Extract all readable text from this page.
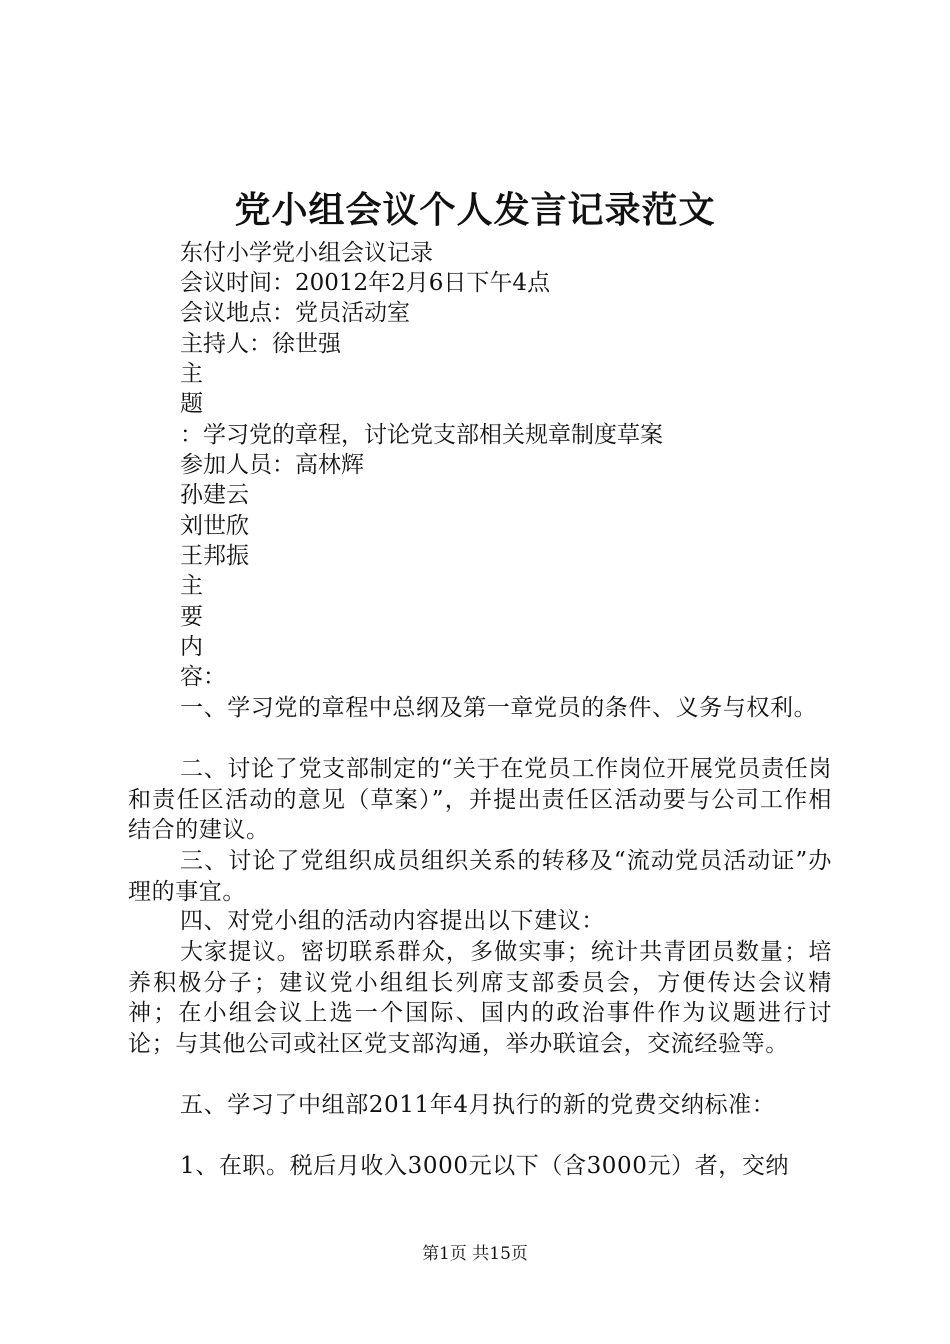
党小组会议个人发言记录范文
东付小学党小组会议记录
会议时间：20012年2月6日下午4点
会议地点：党员活动室
主持人：徐世强
主
题
：学习党的章程，讨论党支部相关规章制度草案
参加人员：高林辉
孙建云
刘世欣
王邦振
主
要
内
容：
一、学习党的章程中总纲及第一章党员的条件、义务与权利。
二、讨论了党支部制定的“关于在党员工作岗位开展党员责任岗和责任区活动的意见（草案）”，并提出责任区活动要与公司工作相结合的建议。
三、讨论了党组织成员组织关系的转移及“流动党员活动证”办理的事宜。
四、对党小组的活动内容提出以下建议：
大家提议。密切联系群众，多做实事；统计共青团员数量；培养积极分子；建议党小组组长列席支部委员会，方便传达会议精神；在小组会议上选一个国际、国内的政治事件作为议题进行讨论；与其他公司或社区党支部沟通，举办联谊会，交流经验等。
五、学习了中组部2011年4月执行的新的党费交纳标准：
1、在职。税后月收入3000元以下（含3000元）者，交纳
第1页 共15页
